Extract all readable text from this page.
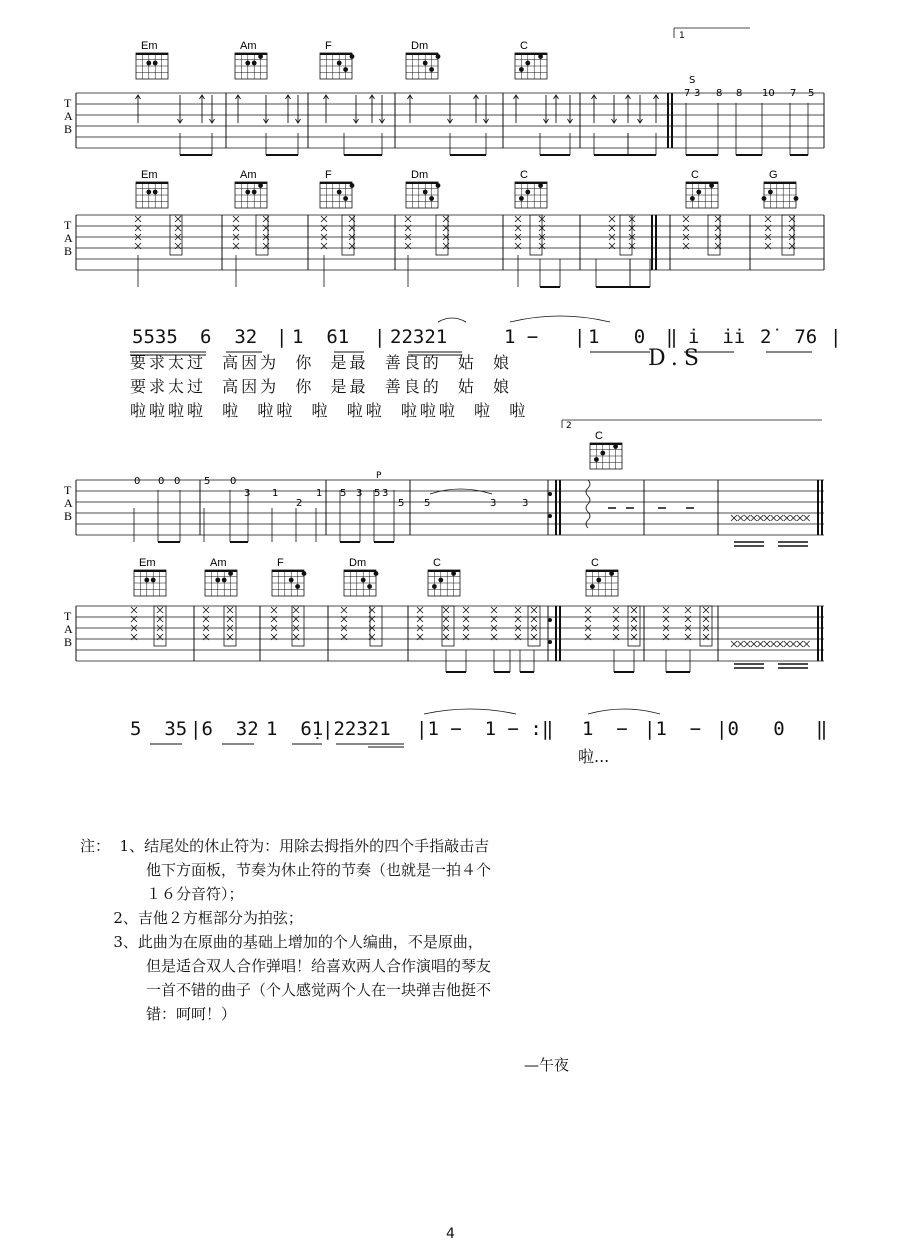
T
A
B
Em	Am	F	Dm	C
1
S
7 3 8 8 10 7 5
T
A
B
Em	Am	F	Dm	C	C	G
T
A
B
2
C
0 0 0 5 0
3 1
2
1 5 3 5 3
5 5	3	3
P
T
A
B
Em	Am	F	Dm	C	C
5535 6  32 | 1  61 | 22321	1 − | 1   0 ‖ i̇  i̇i̇ 2̇  76 |
要求太过  高因为  你  是最  善良的  姑  娘
要求太过  高因为  你  是最  善良的  姑  娘
啦啦啦啦  啦  啦啦  啦  啦啦  啦啦啦  啦  啦
D.S
5  35 |6  32 1  6̣1
|22321 |1 −  1 − :‖ 1  − |1  − |0   0 ‖
啦...
注：  1、结尾处的休止符为：用除去拇指外的四个手指敲击吉
他下方面板，节奏为休止符的节奏（也就是一拍４个
１６分音符）；
2、吉他２方框部分为拍弦；
3、此曲为在原曲的基础上增加的个人编曲，不是原曲，
但是适合双人合作弹唱！给喜欢两人合作演唱的琴友
一首不错的曲子（个人感觉两个人在一块弹吉他挺不
错：呵呵！）
—午夜
4
